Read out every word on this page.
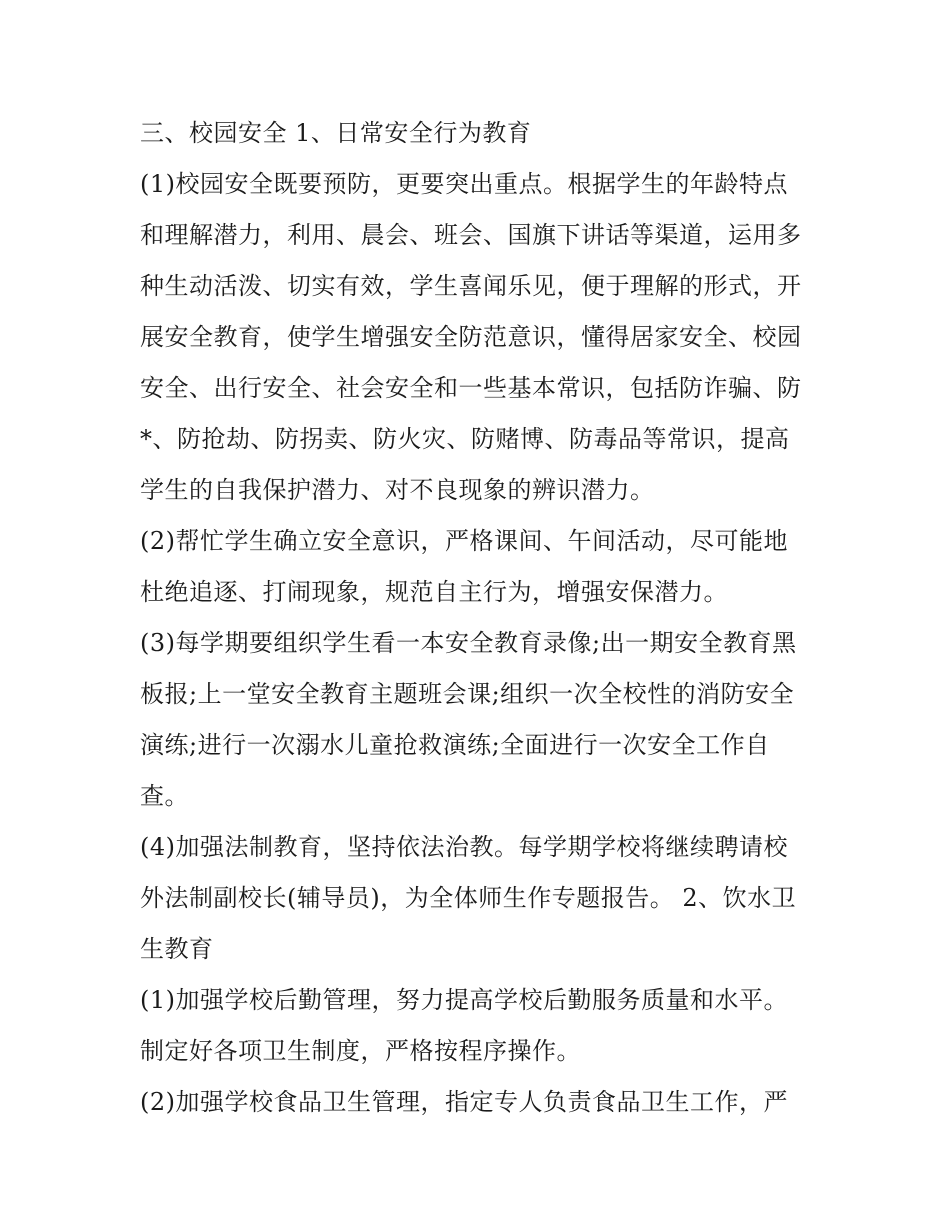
三、校园安全 1、日常安全行为教育
(1)校园安全既要预防，更要突出重点。根据学生的年龄特点
和理解潜力，利用、晨会、班会、国旗下讲话等渠道，运用多
种生动活泼、切实有效，学生喜闻乐见，便于理解的形式，开
展安全教育，使学生增强安全防范意识，懂得居家安全、校园
安全、出行安全、社会安全和一些基本常识，包括防诈骗、防
*、防抢劫、防拐卖、防火灾、防赌博、防毒品等常识，提高
学生的自我保护潜力、对不良现象的辨识潜力。
(2)帮忙学生确立安全意识，严格课间、午间活动，尽可能地
杜绝追逐、打闹现象，规范自主行为，增强安保潜力。
(3)每学期要组织学生看一本安全教育录像;出一期安全教育黑
板报;上一堂安全教育主题班会课;组织一次全校性的消防安全
演练;进行一次溺水儿童抢救演练;全面进行一次安全工作自
查。
(4)加强法制教育，坚持依法治教。每学期学校将继续聘请校
外法制副校长(辅导员)，为全体师生作专题报告。 2、饮水卫
生教育
(1)加强学校后勤管理，努力提高学校后勤服务质量和水平。
制定好各项卫生制度，严格按程序操作。
(2)加强学校食品卫生管理，指定专人负责食品卫生工作，严
